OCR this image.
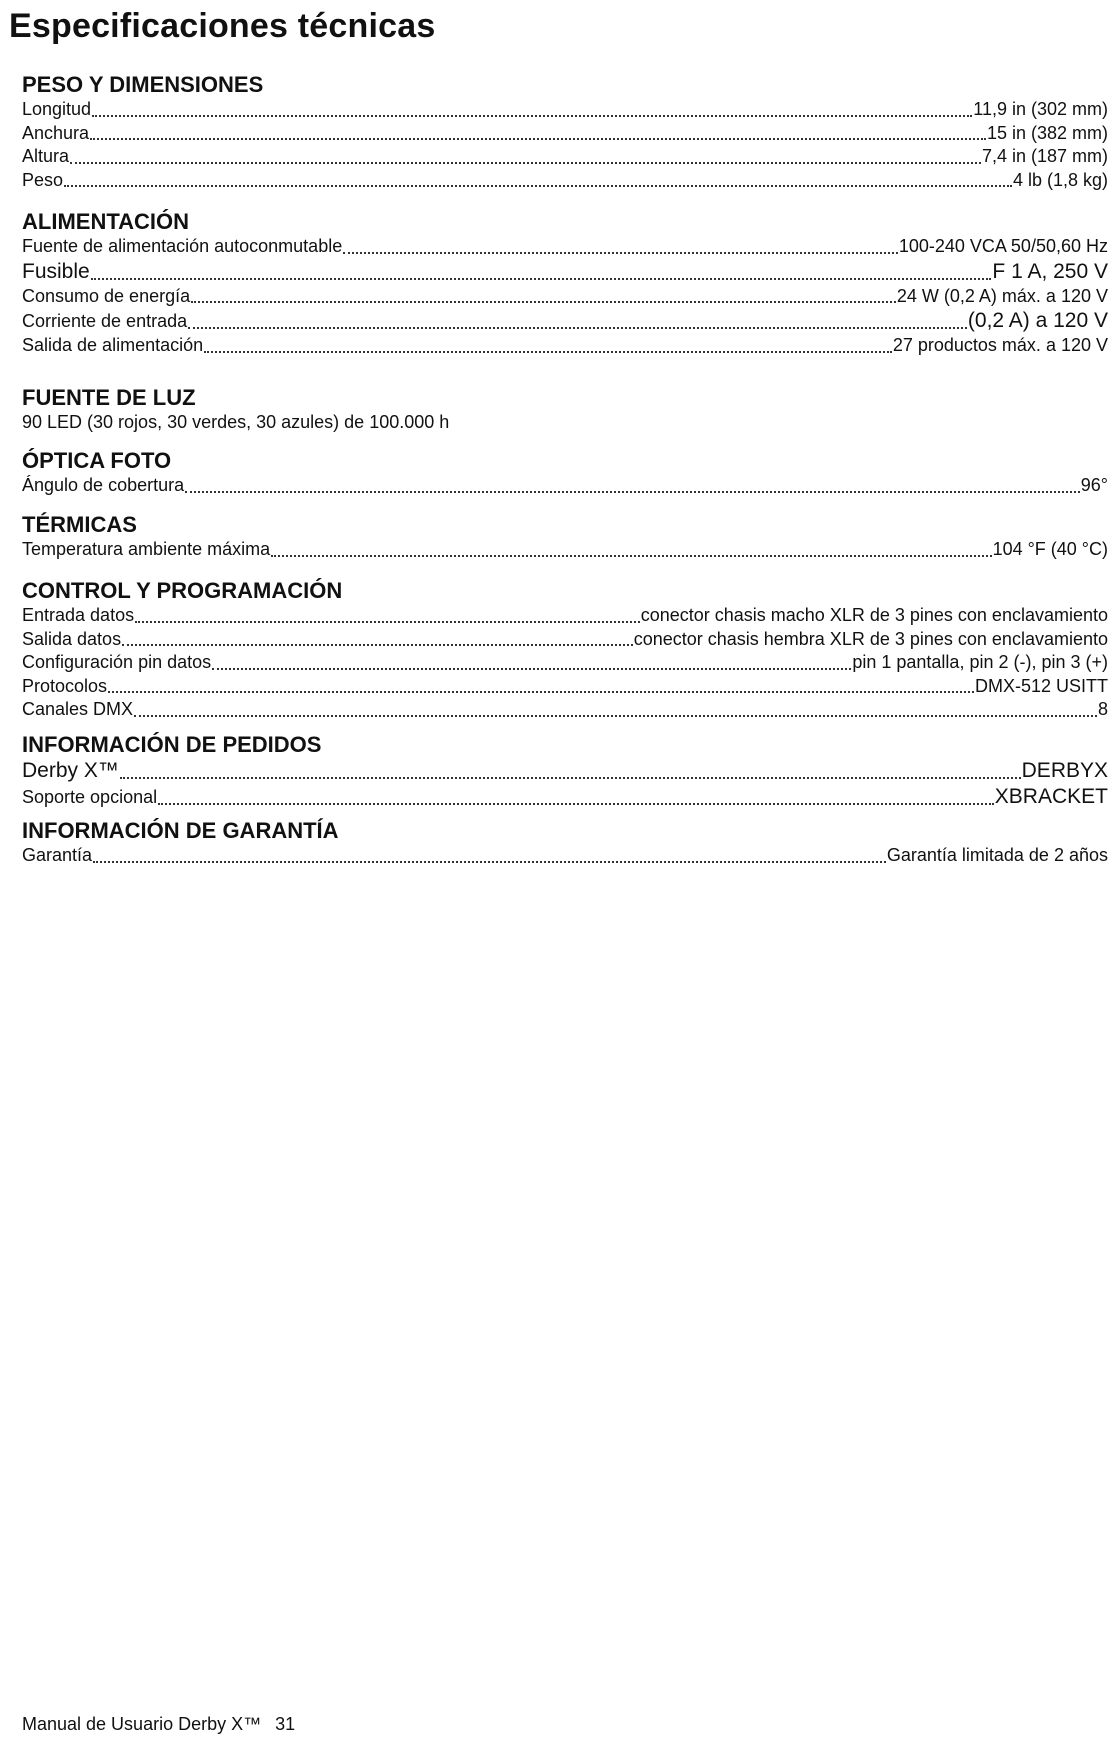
Especificaciones técnicas
PESO Y DIMENSIONES
Longitud	11,9 in (302 mm)
Anchura	15 in (382 mm)
Altura	7,4 in (187 mm)
Peso	4 lb (1,8 kg)
ALIMENTACIÓN
Fuente de alimentación autoconmutable	100-240 VCA 50/50,60 Hz
Fusible	F 1 A, 250 V
Consumo de energía	24 W (0,2 A) máx. a 120 V
Corriente de entrada	(0,2 A) a 120 V
Salida de alimentación	27 productos máx. a 120 V
FUENTE DE LUZ
90 LED (30 rojos, 30 verdes, 30 azules) de 100.000 h
ÓPTICA FOTO
Ángulo de cobertura	96°
TÉRMICAS
Temperatura ambiente máxima	104 °F (40 °C)
CONTROL Y PROGRAMACIÓN
Entrada datos	conector chasis macho XLR de 3 pines con enclavamiento
Salida datos	conector chasis hembra XLR de 3 pines con enclavamiento
Configuración pin datos	pin 1 pantalla, pin 2 (-), pin 3 (+)
Protocolos	DMX-512 USITT
Canales DMX	8
INFORMACIÓN DE PEDIDOS
Derby X™	DERBYX
Soporte opcional	XBRACKET
INFORMACIÓN DE GARANTÍA
Garantía	Garantía limitada de 2 años
Manual de Usuario Derby X™ 31
